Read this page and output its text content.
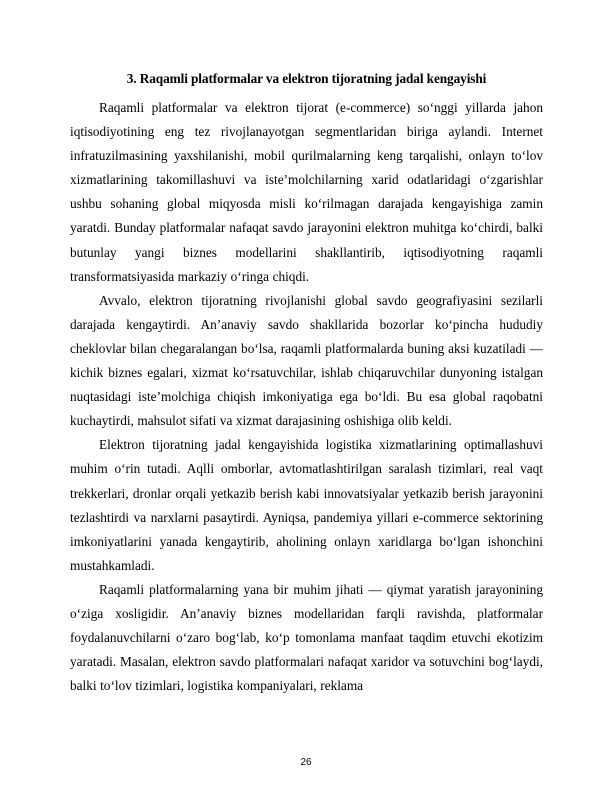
3. Raqamli platformalar va elektron tijoratning jadal kengayishi

Raqamli platformalar va elektron tijorat (e-commerce) so‘nggi yillarda jahon iqtisodiyotining eng tez rivojlanayotgan segmentlaridan biriga aylandi. Internet infratuzilmasining yaxshilanishi, mobil qurilmalarning keng tarqalishi, onlayn to‘lov xizmatlarining takomillashuvi va iste’molchilarning xarid odatlaridagi o‘zgarishlar ushbu sohaning global miqyosda misli ko‘rilmagan darajada kengayishiga zamin yaratdi. Bunday platformalar nafaqat savdo jarayonini elektron muhitga ko‘chirdi, balki butunlay yangi biznes modellarini shakllantirib, iqtisodiyotning raqamli transformatsiyasida markaziy o‘ringa chiqdi.

Avvalo, elektron tijoratning rivojlanishi global savdo geografiyasini sezilarli darajada kengaytirdi. An’anaviy savdo shakllarida bozorlar ko‘pincha hududiy cheklovlar bilan chegaralangan bo‘lsa, raqamli platformalarda buning aksi kuzatiladi — kichik biznes egalari, xizmat ko‘rsatuvchilar, ishlab chiqaruvchilar dunyoning istalgan nuqtasidagi iste’molchiga chiqish imkoniyatiga ega bo‘ldi. Bu esa global raqobatni kuchaytirdi, mahsulot sifati va xizmat darajasining oshishiga olib keldi.

Elektron tijoratning jadal kengayishida logistika xizmatlarining optimallashuvi muhim o‘rin tutadi. Aqlli omborlar, avtomatlashtirilgan saralash tizimlari, real vaqt trekkerlari, dronlar orqali yetkazib berish kabi innovatsiyalar yetkazib berish jarayonini tezlashtirdi va narxlarni pasaytirdi. Ayniqsa, pandemiya yillari e-commerce sektorining imkoniyatlarini yanada kengaytirib, aholining onlayn xaridlarga bo‘lgan ishonchini mustahkamladi.

Raqamli platformalarning yana bir muhim jihati — qiymat yaratish jarayonining o‘ziga xosligidir. An’anaviy biznes modellaridan farqli ravishda, platformalar foydalanuvchilarni o‘zaro bog‘lab, ko‘p tomonlama manfaat taqdim etuvchi ekotizim yaratadi. Masalan, elektron savdo platformalari nafaqat xaridor va sotuvchini bog‘laydi, balki to‘lov tizimlari, logistika kompaniyalari, reklama

26
